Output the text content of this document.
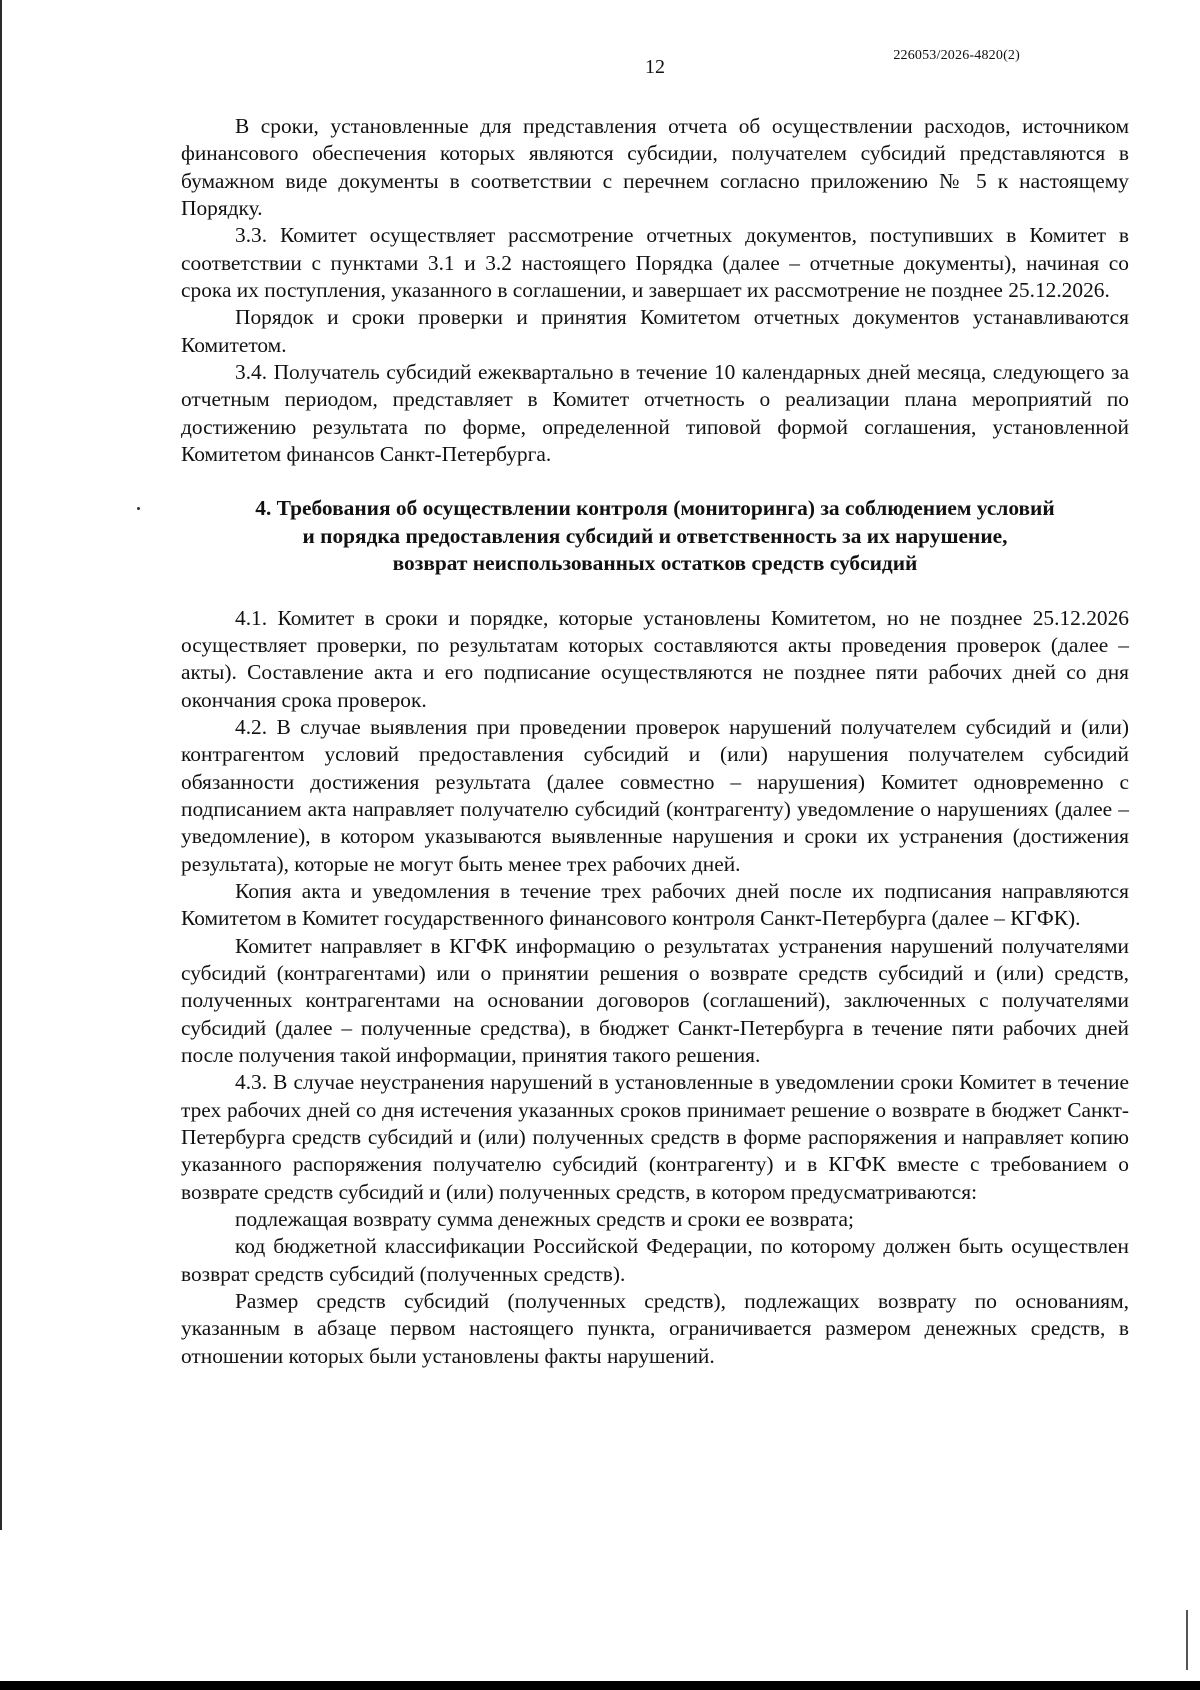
12
226053/2026-4820(2)

В сроки, установленные для представления отчета об осуществлении расходов, источником финансового обеспечения которых являются субсидии, получателем субсидий представляются в бумажном виде документы в соответствии с перечнем согласно приложению № 5 к настоящему Порядку.

3.3. Комитет осуществляет рассмотрение отчетных документов, поступивших в Комитет в соответствии с пунктами 3.1 и 3.2 настоящего Порядка (далее – отчетные документы), начиная со срока их поступления, указанного в соглашении, и завершает их рассмотрение не позднее 25.12.2026.

Порядок и сроки проверки и принятия Комитетом отчетных документов устанавливаются Комитетом.

3.4. Получатель субсидий ежеквартально в течение 10 календарных дней месяца, следующего за отчетным периодом, представляет в Комитет отчетность о реализации плана мероприятий по достижению результата по форме, определенной типовой формой соглашения, установленной Комитетом финансов Санкт-Петербурга.

4. Требования об осуществлении контроля (мониторинга) за соблюдением условий
и порядка предоставления субсидий и ответственность за их нарушение,
возврат неиспользованных остатков средств субсидий

4.1. Комитет в сроки и порядке, которые установлены Комитетом, но не позднее 25.12.2026 осуществляет проверки, по результатам которых составляются акты проведения проверок (далее – акты). Составление акта и его подписание осуществляются не позднее пяти рабочих дней со дня окончания срока проверок.

4.2. В случае выявления при проведении проверок нарушений получателем субсидий и (или) контрагентом условий предоставления субсидий и (или) нарушения получателем субсидий обязанности достижения результата (далее совместно – нарушения) Комитет одновременно с подписанием акта направляет получателю субсидий (контрагенту) уведомление о нарушениях (далее – уведомление), в котором указываются выявленные нарушения и сроки их устранения (достижения результата), которые не могут быть менее трех рабочих дней.

Копия акта и уведомления в течение трех рабочих дней после их подписания направляются Комитетом в Комитет государственного финансового контроля Санкт-Петербурга (далее – КГФК).

Комитет направляет в КГФК информацию о результатах устранения нарушений получателями субсидий (контрагентами) или о принятии решения о возврате средств субсидий и (или) средств, полученных контрагентами на основании договоров (соглашений), заключенных с получателями субсидий (далее – полученные средства), в бюджет Санкт-Петербурга в течение пяти рабочих дней после получения такой информации, принятия такого решения.

4.3. В случае неустранения нарушений в установленные в уведомлении сроки Комитет в течение трех рабочих дней со дня истечения указанных сроков принимает решение о возврате в бюджет Санкт-Петербурга средств субсидий и (или) полученных средств в форме распоряжения и направляет копию указанного распоряжения получателю субсидий (контрагенту) и в КГФК вместе с требованием о возврате средств субсидий и (или) полученных средств, в котором предусматриваются:

подлежащая возврату сумма денежных средств и сроки ее возврата;

код бюджетной классификации Российской Федерации, по которому должен быть осуществлен возврат средств субсидий (полученных средств).

Размер средств субсидий (полученных средств), подлежащих возврату по основаниям, указанным в абзаце первом настоящего пункта, ограничивается размером денежных средств, в отношении которых были установлены факты нарушений.
